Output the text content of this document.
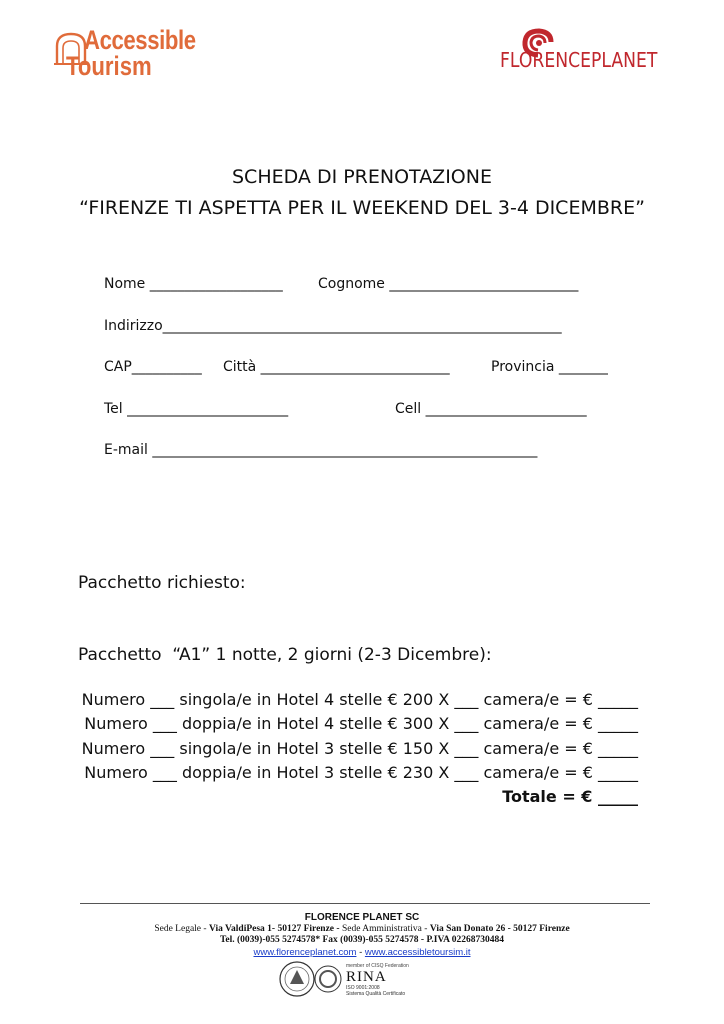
Accessible
Tourism	FLORENCEPLANET
SCHEDA DI PRENOTAZIONE
“FIRENZE TI ASPETTA PER IL WEEKEND DEL 3-4 DICEMBRE”
Nome ___________________	Cognome ___________________________
Indirizzo_________________________________________________________
CAP__________ Città ___________________________	Provincia _______
Tel _______________________	Cell _______________________
E-mail _______________________________________________________
Pacchetto richiesto:
Pacchetto  “A1” 1 notte, 2 giorni (2-3 Dicembre):
Numero ___ singola/e in Hotel 4 stelle € 200 X ___ camera/e = € _____
Numero ___ doppia/e in Hotel 4 stelle € 300 X ___ camera/e = € _____
Numero ___ singola/e in Hotel 3 stelle € 150 X ___ camera/e = € _____
Numero ___ doppia/e in Hotel 3 stelle € 230 X ___ camera/e = € _____
Totale = € _____
FLORENCE PLANET SC
Sede Legale - Via ValdiPesa 1- 50127 Firenze - Sede Amministrativa - Via San Donato 26 - 50127 Firenze
Tel. (0039)-055 5274578* Fax (0039)-055 5274578 - P.IVA 02268730484
www.florenceplanet.com - www.accessibletoursim.it
member of CISQ Federation
RINA
ISO 9001:2008
Sistema Qualità Certificato
